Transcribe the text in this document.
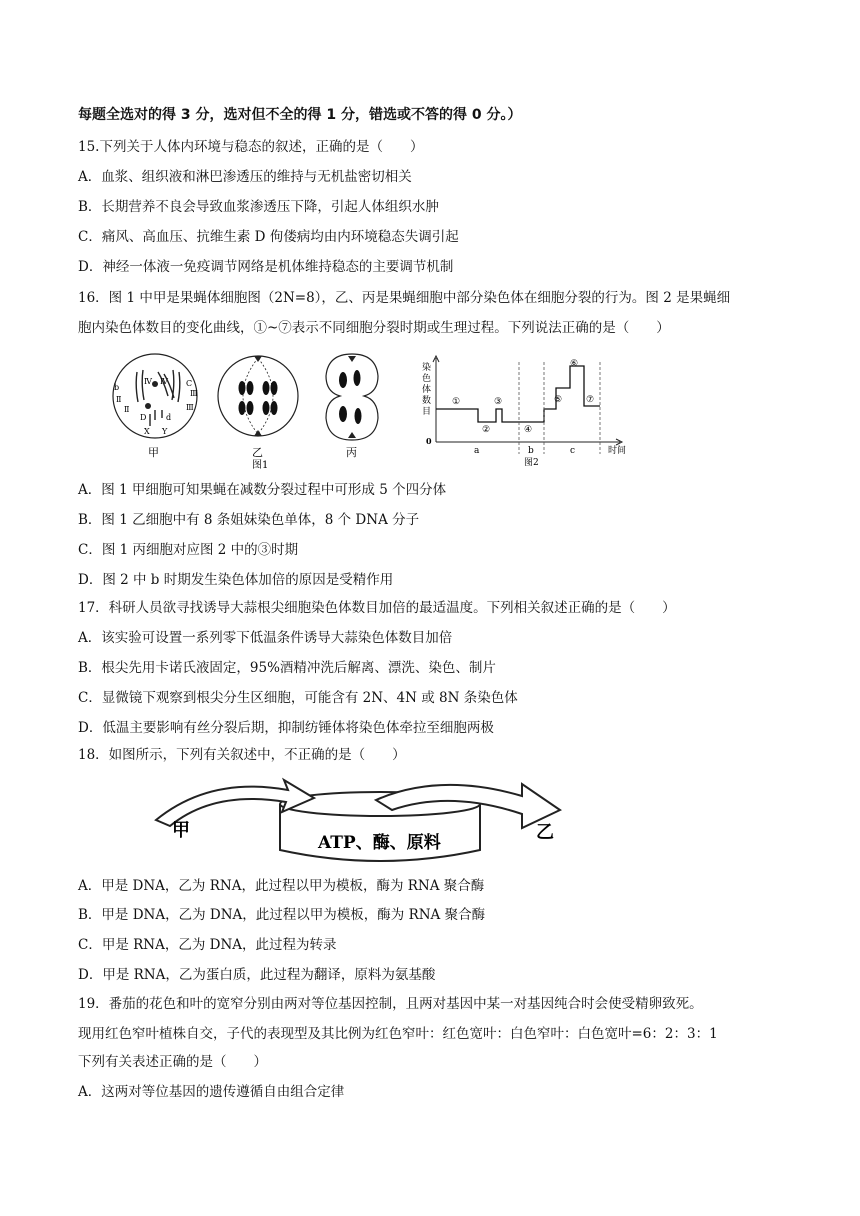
每题全选对的得 3 分，选对但不全的得 1 分，错选或不答的得 0 分。）
15.下列关于人体内环境与稳态的叙述，正确的是（　　）
A．血浆、组织液和淋巴渗透压的维持与无机盐密切相关
B．长期营养不良会导致血浆渗透压下降，引起人体组织水肿
C．痛风、高血压、抗维生素 D 佝偻病均由内环境稳态失调引起
D．神经一体液一免疫调节网络是机体维持稳态的主要调节机制
16．图 1 中甲是果蝇体细胞图（2N=8），乙、丙是果蝇细胞中部分染色体在细胞分裂的行为。图 2 是果蝇细
胞内染色体数目的变化曲线，①~⑦表示不同细胞分裂时期或生理过程。下列说法正确的是（　　）
b
Ⅱ
Ⅳ Ⅳ C
Ⅲ
Ⅱ	Ⅲ
D d
X Y
甲	乙	丙
图1
染
色
体
数
目
0
①
②
③
④
⑤
⑥
⑦
a	b	c	时间
图2
A．图 1 甲细胞可知果蝇在减数分裂过程中可形成 5 个四分体
B．图 1 乙细胞中有 8 条姐妹染色单体，8 个 DNA 分子
C．图 1 丙细胞对应图 2 中的③时期
D．图 2 中 b 时期发生染色体加倍的原因是受精作用
17．科研人员欲寻找诱导大蒜根尖细胞染色体数目加倍的最适温度。下列相关叙述正确的是（　　）
A．该实验可设置一系列零下低温条件诱导大蒜染色体数目加倍
B．根尖先用卡诺氏液固定，95%酒精冲洗后解离、漂洗、染色、制片
C．显微镜下观察到根尖分生区细胞，可能含有 2N、4N 或 8N 条染色体
D．低温主要影响有丝分裂后期，抑制纺锤体将染色体牵拉至细胞两极
18．如图所示，下列有关叙述中，不正确的是（　　）
甲
ATP、酶、原料	乙
A．甲是 DNA，乙为 RNA，此过程以甲为模板，酶为 RNA 聚合酶
B．甲是 DNA，乙为 DNA，此过程以甲为模板，酶为 RNA 聚合酶
C．甲是 RNA，乙为 DNA，此过程为转录
D．甲是 RNA，乙为蛋白质，此过程为翻译，原料为氨基酸
19．番茄的花色和叶的宽窄分别由两对等位基因控制，且两对基因中某一对基因纯合时会使受精卵致死。
现用红色窄叶植株自交，子代的表现型及其比例为红色窄叶：红色宽叶：白色窄叶：白色宽叶=6：2：3：1
下列有关表述正确的是（　　）
A．这两对等位基因的遗传遵循自由组合定律
